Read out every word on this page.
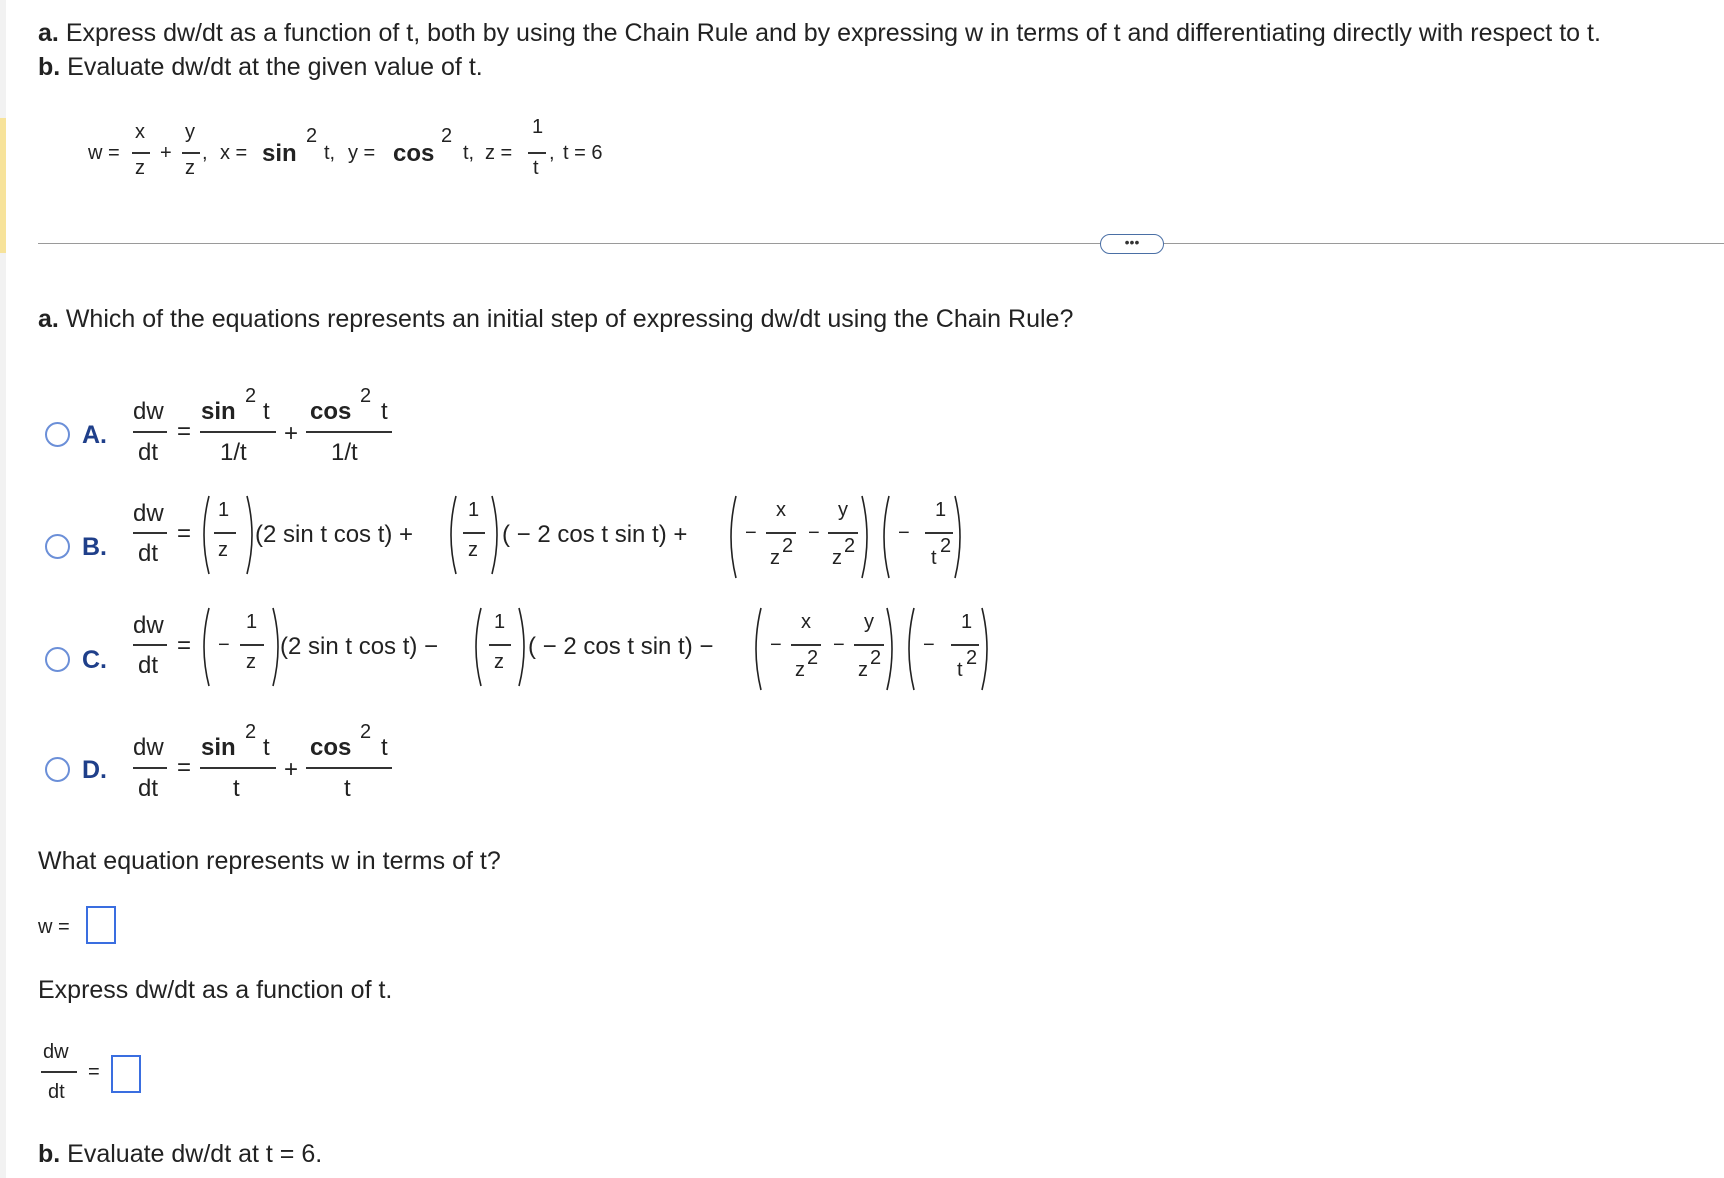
a. Express dw/dt as a function of t, both by using the Chain Rule and by expressing w in terms of t and differentiating directly with respect to t.
b. Evaluate dw/dt at the given value of t.
w =
x
z
+
y
z
, x = sin
2
t, y = cos
2
t, z =
1
t
, t = 6
•••
a. Which of the equations represents an initial step of expressing dw/dt using the Chain Rule?
A.
dw
dt
=
sin
2
t
1/t
+
cos
2
t
1/t
B.
dw
dt
=
1
z
(2 sin t cos t) +
1
z
( − 2 cos t sin t) +	−
x
z
2
−
y
z
2
−
1
t
2
C.
dw
dt
= −
1
z
(2 sin t cos t) −
1
z
( − 2 cos t sin t) −	−
x
z
2
−
y
z
2
−
1
t
2
D.
dw
dt
=
sin
2
t
t
+
cos
2
t
t
What equation represents w in terms of t?
w =
Express dw/dt as a function of t.
dw
dt
=
b. Evaluate dw/dt at t = 6.
